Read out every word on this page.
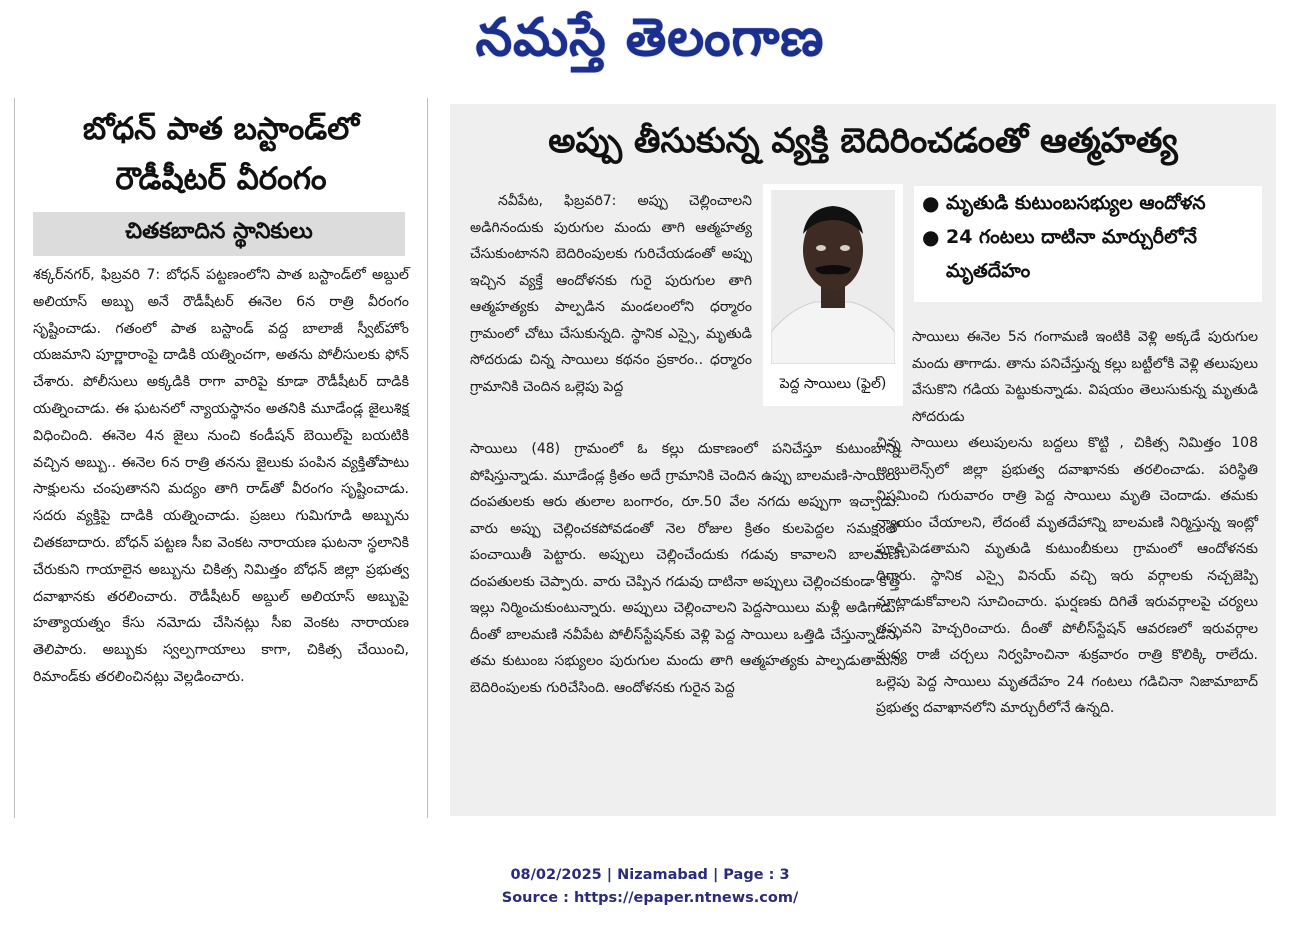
నమస్తే తెలంగాణ
బోధన్ పాత బస్టాండ్‌లో
రౌడీషీటర్ వీరంగం
చితకబాదిన స్థానికులు

శక్కర్‌నగర్, ఫిబ్రవరి 7: బోధన్ పట్టణంలోని పాత బస్టాండ్‌లో అబ్దుల్ అలియాస్ అబ్బు అనే రౌడీషీటర్ ఈనెల 6న రాత్రి వీరంగం సృష్టించాడు. గతంలో పాత బస్టాండ్ వద్ద బాలాజీ స్వీట్‌హోం యజమాని పూర్ణారాంపై దాడికి యత్నించగా, అతను పోలీసులకు ఫోన్ చేశారు. పోలీసులు అక్కడికి రాగా వారిపై కూడా రౌడీషీటర్ దాడికి యత్నించాడు. ఈ ఘటనలో న్యాయస్థానం అతనికి మూడేండ్ల జైలుశిక్ష విధించింది. ఈనెల 4న జైలు నుంచి కండీషన్ బెయిల్‌పై బయటికి వచ్చిన అబ్బు.. ఈనెల 6న రాత్రి తనను జైలుకు పంపిన వ్యక్తితోపాటు సాక్షులను చంపుతానని మద్యం తాగి రాడ్‌తో వీరంగం సృష్టించాడు. సదరు వ్యక్తిపై దాడికి యత్నించాడు. ప్రజలు గుమిగూడి అబ్బును చితకబాదారు. బోధన్ పట్టణ సీఐ వెంకట నారాయణ ఘటనా స్థలానికి చేరుకుని గాయాలైన అబ్బును చికిత్స నిమిత్తం బోధన్ జిల్లా ప్రభుత్వ దవాఖానకు తరలించారు. రౌడీషీటర్ అబ్దుల్ అలియాస్ అబ్బుపై హత్యాయత్నం కేసు నమోదు చేసినట్లు సీఐ వెంకట నారాయణ తెలిపారు. అబ్బుకు స్వల్పగాయాలు కాగా, చికిత్స చేయించి, రిమాండ్‌కు తరలించినట్లు వెల్లడించారు.

అప్పు తీసుకున్న వ్యక్తి బెదిరించడంతో ఆత్మహత్య

నవీపేట, ఫిబ్రవరి7: అప్పు చెల్లించాలని అడిగినందుకు పురుగుల మందు తాగి ఆత్మహత్య చేసుకుంటానని బెదిరింపులకు గురిచేయడంతో అప్పు ఇచ్చిన వ్యక్తే ఆందోళనకు గురై పురుగుల తాగి ఆత్మహత్యకు పాల్పడిన మండలంలోని ధర్మారం గ్రామంలో చోటు చేసుకున్నది. స్థానిక ఎస్సై, మృతుడి సోదరుడు చిన్న సాయిలు కథనం ప్రకారం.. ధర్మారం గ్రామానికి చెందిన ఒల్లెపు పెద్ద	పెద్ద సాయిలు (ఫైల్)
● మృతుడి కుటుంబసభ్యుల ఆందోళన
● 24 గంటలు దాటినా మార్చురీలోనే మృతదేహం

సాయిలు ఈనెల 5న గంగామణి ఇంటికి వెళ్లి అక్కడే పురుగుల మందు తాగాడు. తాను పనిచేస్తున్న కల్లు బట్టీలోకి వెళ్లి తలుపులు వేసుకొని గడియ పెట్టుకున్నాడు. విషయం తెలుసుకున్న మృతుడి సోదరుడు

సాయిలు (48) గ్రామంలో ఓ కల్లు దుకాణంలో పనిచేస్తూ కుటుంబాన్ని పోషిస్తున్నాడు. మూడేండ్ల క్రితం అదే గ్రామానికి చెందిన ఉప్పు బాలమణి-సాయిలు దంపతులకు ఆరు తులాల బంగారం, రూ.50 వేల నగదు అప్పుగా ఇచ్చాడు. వారు అప్పు చెల్లించకపోవడంతో నెల రోజుల క్రితం కులపెద్దల సమక్షంలో పంచాయితీ పెట్టారు. అప్పులు చెల్లించేందుకు గడువు కావాలని బాలమణి దంపతులకు చెప్పారు. వారు చెప్పిన గడువు దాటినా అప్పులు చెల్లించకుండా కొత్త ఇల్లు నిర్మించుకుంటున్నారు. అప్పులు చెల్లించాలని పెద్దసాయిలు మళ్లీ అడిగాడు. దీంతో బాలమణి నవీపేట పోలీస్‌స్టేషన్‌కు వెళ్లి పెద్ద సాయిలు ఒత్తిడి చేస్తున్నాడని, తమ కుటుంబ సభ్యులం పురుగుల మందు తాగి ఆత్మహత్యకు పాల్పడుతామని బెదిరింపులకు గురిచేసింది. ఆందోళనకు గురైన పెద్ద

చిన్న సాయిలు తలుపులను బద్దలు కొట్టి , చికిత్స నిమిత్తం 108 అంబులెన్స్‌లో జిల్లా ప్రభుత్వ దవాఖానకు తరలించాడు. పరిస్థితి విషమించి గురువారం రాత్రి పెద్ద సాయిలు మృతి చెందాడు. తమకు న్యాయం చేయాలని, లేదంటే మృతదేహాన్ని బాలమణి నిర్మిస్తున్న ఇంట్లో పూడ్చిపెడతామని మృతుడి కుటుంబీకులు గ్రామంలో ఆందోళనకు దిగారు. స్థానిక ఎస్సై వినయ్ వచ్చి ఇరు వర్గాలకు నచ్చజెప్పి మాట్లాడుకోవాలని సూచించారు. ఘర్షణకు దిగితే ఇరువర్గాలపై చర్యలు తప్పవని హెచ్చరించారు. దీంతో పోలీస్‌స్టేషన్ ఆవరణలో ఇరువర్గాల మధ్య రాజీ చర్చలు నిర్వహించినా శుక్రవారం రాత్రి కొలిక్కి రాలేదు. ఒల్లెపు పెద్ద సాయిలు మృతదేహం 24 గంటలు గడిచినా నిజామాబాద్ ప్రభుత్వ దవాఖానలోని మార్చురీలోనే ఉన్నది.

08/02/2025 | Nizamabad | Page : 3
Source : https://epaper.ntnews.com/
